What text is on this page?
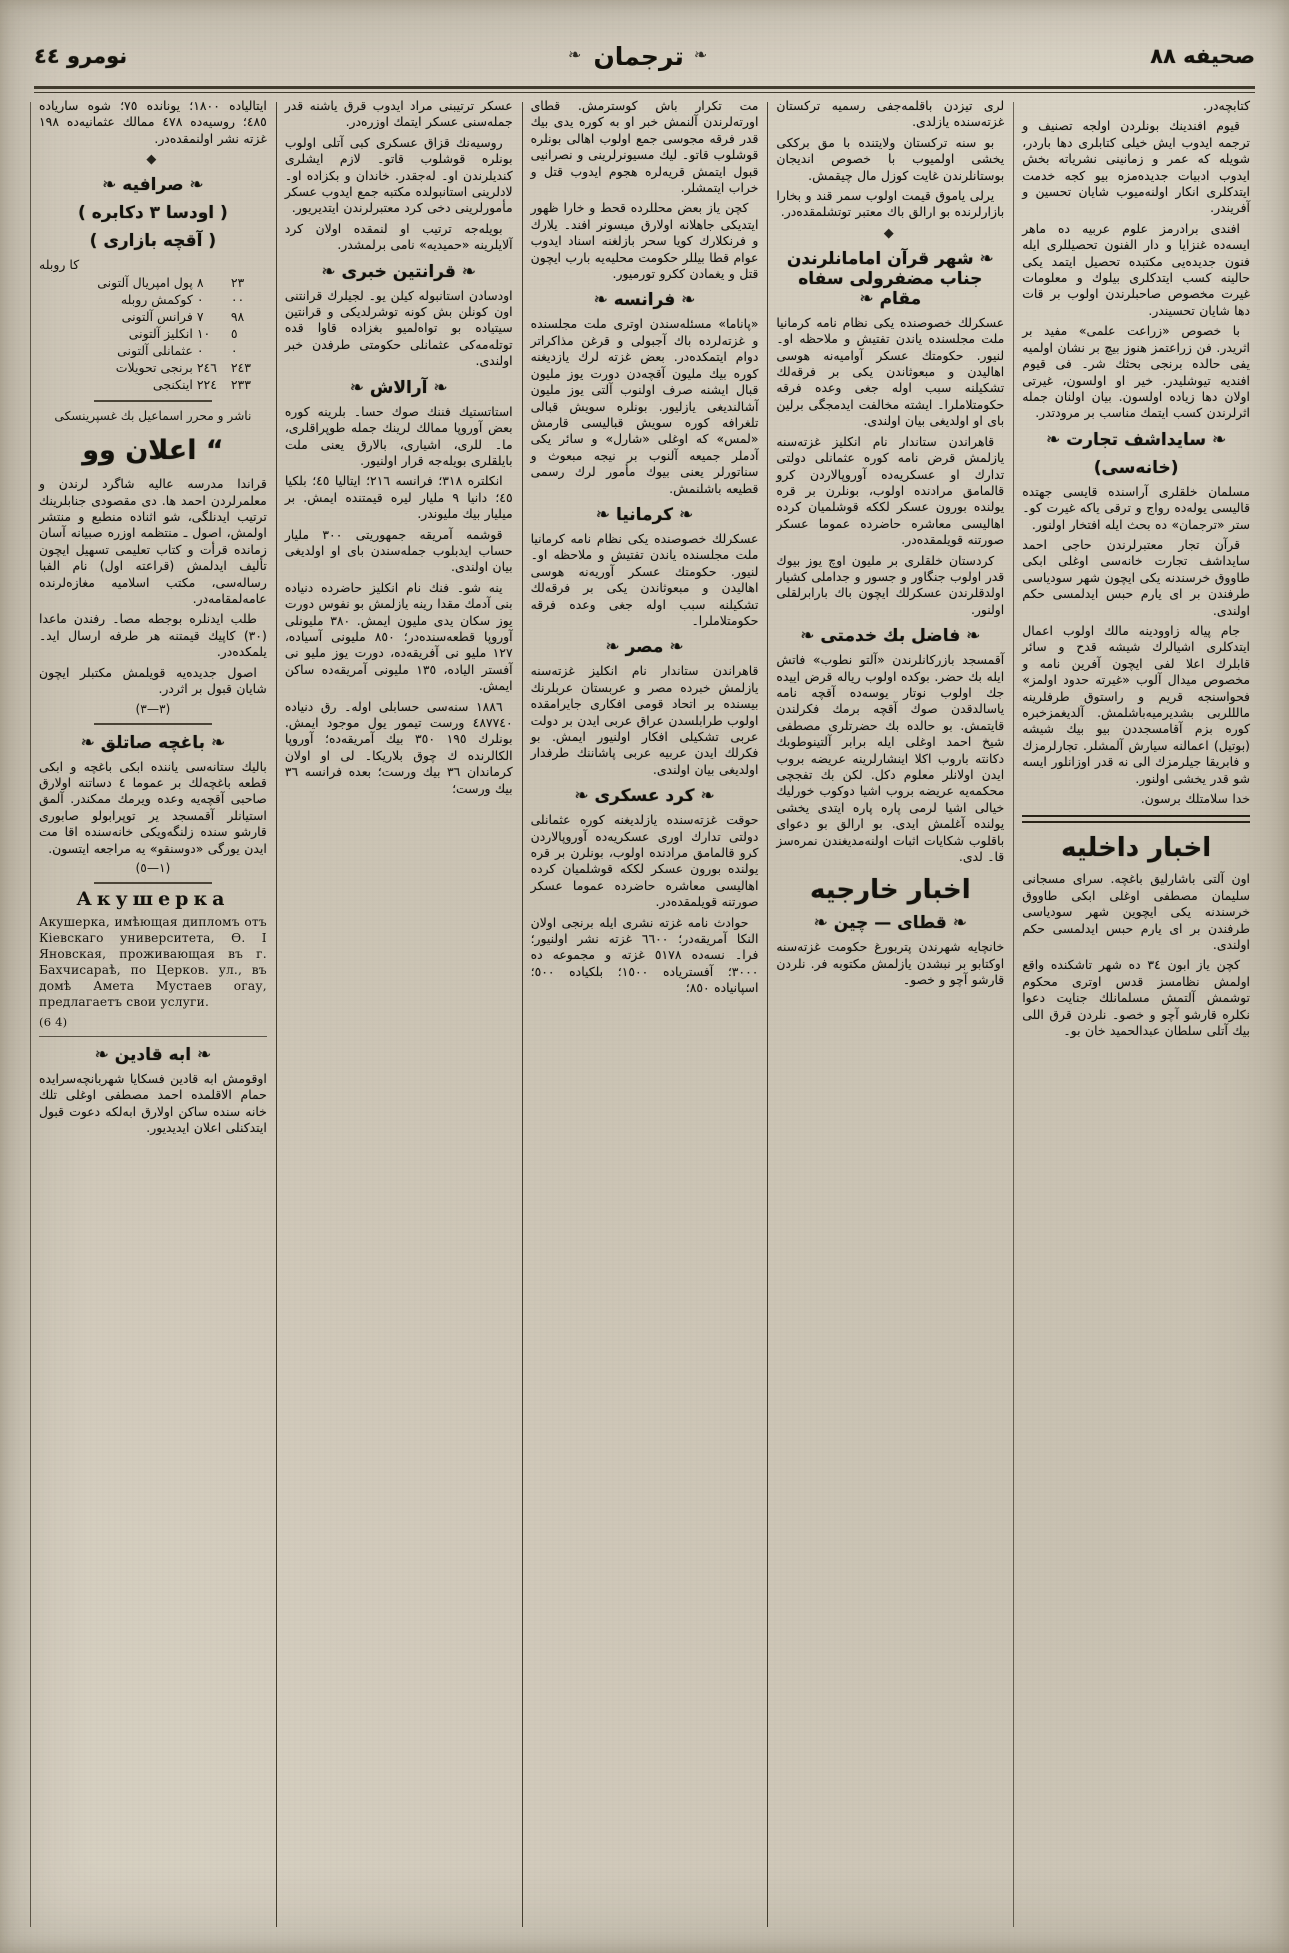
صحیفه ٨٨
❧
ترجمان
❧
نومرو ٤٤

كتابچه‌در.

قیوم افندینك بونلردن اولجه تصنیف و ترجمه ایدوب ایش خیلی كتابلری دها باردر، شویله كه عمر و زمانینی نشریاته بخش ایدوب ادبیات جدیده‌مزه بیو كجه خدمت ایتدكلری انكار اولنه‌میوب شایان تحسین و آفریندر.

افندی برادرمز علوم عربیه ده ماهر ایسه‌ده غنزایا و دار الفنون تحصیللری ایله فنون جدیده‌یی مكتبده تحصیل ایتمد یكی حالینه كسب ایتدكلری بیلوك و معلومات غیرت مخصوص صاحبلرندن اولوب بر قات دها شایان تحسیندر.

با خصوص «زراعت علمی» مفید بر اثریدر. فن زراعتمز هنوز بیچ بر نشان اولمیه یفی حالده برنجی بحثك شر۔ فی قیوم افندیه تیوشلیدر. خیر او اولسون، غیرتی اولان دها زیاده اولسون. بیان اولنان جمله اثرلرندن كسب ایتمك مناسب بر مرودتدر.

❧ سایداشف تجارت ❧
(خانه‌سی)

مسلمان خلقلری آراسنده قایسی جهتده قالیسی یوله‌ده رواج و ترقی یاكه غیرت كو۔ ستر «ترجمان» ده بحث ایله افتخار اولنور.

قرآن تجار معتبرلرندن حاجی احمد سایداشف تجارت خانه‌سی اوغلی ابكی طاووق خرسندنه یكی ایچون شهر سودیاسی طرفندن بر ای یارم حبس ایدلمسی حكم اولندی.

جام پیاله زاوودینه مالك اولوب اعمال ایتدكلری اشیالرك شیشه قدح و سائر قابلرك اعلا لفی ایچون آفرین نامه و مخصوص میدال آلوب «غیرته حدود اولمز» فحواسنجه قریم و راستوق طرفلرینه مالللربی بشدیرمیه‌باشلمش. آلدیغمزخبره كوره بزم آقامسجددن بیو بیك شیشه (بوتیل) اعمالنه سیارش آلمشلر. تجارلرمزك و فابریقا جیلرمزك الی نه قدر اوزانلور ایسه شو قدر یخشی اولنور.

خدا سلامتلك برسون.

اخبار داخلیه

اون آلتی باشارلیق باغچه. سرای مسجانی سلیمان مصطفی اوغلی ابكی طاووق خرسندنه یكی ایچوین شهر سودیاسی طرفندن بر ای یارم حبس ایدلمسی حكم اولندی.

كچن یاز ابون ٣٤ ده شهر تاشكنده واقع اولمش نظامسز قدس اوتری محكوم توشمش آلتمش مسلمانلك جنایت دعوا نكلره قارشو آچو و خصو۔ نلردن قرق اللی بیك آتلی سلطان عبدالحمید خان بو۔

لری تیزدن باقلمه‌جفی رسمیه تركستان غزته‌سنده یازلدی.

بو سنه تركستان ولایتنده با مق برككی یخشی اولمیوب با خصوص اندیجان بوستانلرندن غایت كوزل مال چیقمش.

یرلی یاموق قیمت اولوب سمر قند و بخارا بازارلرنده بو ارالق باك معتبر توتشلمقده‌در.

◆
❧ شهر قرآن امامانلرندن جناب مضفرولی سفاه مقام ❧

عسكرلك خصوصنده یكی نظام نامه كرمانیا ملت مجلسنده یاندن تفتیش و ملاحظه او۔ لنیور. حكومتك عسكر آوامیه‌نه هوسی اهالیدن و مبعوثاندن یكی بر فرقه‌لك تشكیلنه سبب اوله جغی وعده فرقه حكومتلاملرا۔ ایشته مخالفت ایدمجگی برلین بای او اولدیغی بیان اولندی.

قاهراندن ستاندار نام انكلیز غزته‌سنه یازلمش قرض نامه كوره عثمانلی دولتی تدارك او عسكریه‌ده آوروپالاردن كرو قالمامق مرادنده اولوب، بونلرن بر قره یولنده بورون عسكر لككه قوشلمیان كرده اهالیسی معاشره حاضرده عموما عسكر صورتنه قویلمقده‌در.

كردستان خلقلری بر ملیون اوچ یوز بیوك قدر اولوب جنگاور و جسور و جداملی كشیار اولدقلرندن عسكرلك ایچون باك بارابرلقلی اولنور.

❧ فاضل بك خدمتی ❧

آقمسجد بازركانلرندن «آلتو نطوب» فاتش ایله بك حضر. بوكده اولوب ریاله قرض اییده جك اولوب نوتار یوسه‌ده آقچه نامه یاسالدقدن صوك آقچه برمك فكرلندن قایتمش. بو حالده بك حضرتلری مصطفی شیخ احمد اوغلی ایله برابر آلتینوطوبك دكانته باروب اكلا اینشارلرینه عریضه بروب ایدن اولانلر معلوم دكل. لكن بك تفجچی محكمه‌یه عریضه بروب اشیا دوكوب خورلیك خیالی اشیا لرمی پاره پاره ایتدی یخشی یولنده آغلمش ایدی. بو ارالق بو دعوای باقلوب شكایات اثبات اولنه‌مدیغندن نمره‌سز قا۔ لدی.

اخبار خارجیه
❧ قطای — چین ❧

خانچایه شهرندن پتربورغ حكومت غزته‌سنه اوكتابو بر نبشدن یازلمش مكتوبه فر. نلردن قارشو آچو و خصو۔

مت تكرار باش كوسترمش. قطای اورته‌لرندن آلنمش خبر او به كوره یدی بیك قدر فرقه مجوسی جمع اولوب اهالی بونلره قوشلوب قاتو۔ لیك مسیونرلرینی و نصرانیی قبول ایتمش قریه‌لره هجوم ایدوب قتل و خراب ایتمشلر.

كچن یاز بعض محللرده قحط و خارا ظهور ایتدیكی جاهلانه اولارق میسونر افند۔ یلارك و فرنكلارك كویا سحر بازلغنه اسناد ایدوب عوام قطا بیللر حكومت محلیه‌یه بارب ایچون قتل و یغمادن ككرو تورمیور.

❧ فرانسه ❧

«پاناما» مسئله‌سندن اوتری ملت مجلسنده و غزته‌لرده باك آجبولی و قرغن مذاكراتر دوام ایتمكده‌در. بعض غزته لرك یازدیغنه كوره بیك ملیون آقچه‌دن دورت یوز ملیون قبال ایشنه صرف اولنوب آلتی یوز ملیون آشالندیغی یازلیور. بونلره سویش قبالی تلغرافه كوره سویش قبالیسی قارمش «لمس» كه اوغلی «شارل» و سائر یكی آدملر جمیعه آلنوب بر نیجه مبعوث و سناتورلر یعنی بیوك مأمور لرك رسمی قطیعه باشلنمش.

❧ كرمانیا ❧

عسكرلك خصوصنده یكی نظام نامه كرمانیا ملت مجلسنده یاندن تفتیش و ملاحظه او۔ لنیور. حكومتك عسكر آوریه‌نه هوسی اهالیدن و مبعوثاندن یكی بر فرقه‌لك تشكیلنه سبب اوله جغی وعده فرقه حكومتلاملرا۔

❧ مصر ❧

قاهراندن ستاندار نام انكلیز غزته‌سنه یازلمش خبرده مصر و عربستان عربلرنك بیسنده بر اتحاد قومی افكاری جایرامقده اولوب طرابلسدن عراق عربی ایدن بر دولت عربی تشكیلی افكار اولنیور ایمش. بو فكرلك ایدن عربیه عربی پاشاننك طرفدار اولدیغی بیان اولندی.

❧ كرد عسكری ❧

حوقت غزته‌سنده یازلدیغنه كوره عثمانلی دولتی تدارك اوری عسكریه‌ده آوروپالاردن كرو قالمامق مرادنده اولوب، بونلرن بر قره یولنده بورون عسكر لككه قوشلمیان كرده اهالیسی معاشره حاضرده عموما عسكر صورتنه قویلمقده‌در.

حوادث نامه غزته نشری ایله برنجی اولان النكا آمریقه‌در؛ ٦٦٠٠ غزته نشر اولنیور؛ فرا۔ نسه‌ده ٥١٧٨ غزته و مجموعه ده ٣٠٠٠؛ آفستریاده ١٥٠٠؛ بلكیاده ٥٠٠؛ اسپانیاده ٨٥٠؛

عسكر ترتیبنی مراد ایدوب قرق یاشنه قدر جمله‌سنی عسكر ایتمك اوزره‌در.

روسیه‌نك قزاق عسكری كبی آتلی اولوب بونلره قوشلوب قاتو۔ لازم ایشلری كندیلرندن او۔ له‌جقدر. خاندان و بكزاده او۔ لادلرینی استانبولده مكتبه جمع ایدوب عسكر مأمورلرینی دخی كرد معتبرلرندن ایتدیریور.

بویله‌جه ترتیب او لنمقده اولان كرد آلایلرینه «حمیدیه» نامی برلمشدر.

❧ قرانتین خبری ❧

اودسادن استانبوله كیلن یو۔ لجیلرك قرانتنی اون كونلن بش كونه توشرلدیكی و قرانتین سیتیاده بو تواه‌لمیو بغزاده قاوا قده توتله‌مه‌كی عثمانلی حكومتی طرفدن خبر اولندی.

❧ آرالاش ❧

استاتستیك فننك صوك حسا۔ بلرینه كوره بعض آوروپا ممالك لرینك جمله طوپراقلری، ما۔ للری، اشیاری، بالارق یعنی ملت بایلقلری بویله‌جه قرار اولنیور.

انكلتره ٣١٨؛ فرانسه ٢١٦؛ ایتالیا ٤٥؛ بلكیا ٤٥؛ دانیا ٩ ملیار لیره قیمتنده ایمش. بر میلیار بیك ملیوندر.

قوشمه آمریقه جمهوریتی ٣٠٠ ملیار حساب ایدبلوب جمله‌سندن بای او اولدیغی بیان اولندی.

ینه شو۔ فنك نام انكلیز حاضرده دنیاده بنی آدمك مقدا رینه یازلمش بو نفوس دورت یوز سكان یدی ملیون ایمش. ٣٨٠ ملیونلی آوروپا قطعه‌سنده‌در؛ ٨٥٠ ملیونی آسیاده، ١٢٧ ملیو نی آفریقه‌ده، دورت یوز ملیو نی آفستر الیاده، ١٣٥ ملیونی آمریقه‌ده ساكن ایمش.

١٨٨٦ سنه‌سی حسابلی اوله۔ رق دنیاده ٤٨٧٧٤٠ ورست تیمور یول موجود ایمش. بونلرك ١٩٥ ٣٥٠ بیك آمریقه‌ده؛ آوروپا الكالرنده ك چوق بلاریكا۔ لی او اولان كرماندان ٣٦ بیك ورست؛ بعده فرانسه ٣٦ بیك ورست؛

ایتالیاده ١٨٠٠؛ یونانده ٧٥؛ شوه ساریاده ٤٨٥؛ روسیه‌ده ٤٧٨ ممالك عثمانیه‌ده ١٩٨ غزته نشر اولنمقده‌در.

◆
❧ صرافیه ❧
( اودسا ٣ دكابره )
( آقچه بازاری )
كا روبله
٢٣	٨	پول امپریال آلتونی
٠٠	٠	كوكمش روبله
٩٨	٧	فرانس آلتونی
٥	١٠	انكلیز آلتونی
٠	٠	عثمانلی آلتونی
٢٤٣	٢٤٦	برنجی تحویلات
٢٣٣	٢٢٤	اینكنجی
ناشر و محرر اسماعیل بك غسپرینسكی
“ اعلان وو

قراندا مدرسه عالیه شاگرد لرندن و معلمرلردن احمد ها. دی مقصودی جنابلرینك ترتیب ایدنلگی، شو اثناده منطبع و منتشر اولمش، اصول ـ منتظمه اوزره صبیانه آسان زمانده قرأت و كتاب تعلیمی تسهیل ایچون تألیف ایدلمش (قراعته اول) نام الفبا رساله‌سی، مكتب اسلامیه مغازه‌لرنده عامه‌لمقامه‌در.

طلب ایدنلره بوجطه مصا۔ رفندن ماعدا (٣٠) كاپیك قیمتنه هر طرفه ارسال اید۔ یلمكده‌در.

اصول جدیده‌یه قویلمش مكتبلر ایچون شایان قبول بر اثردر.

(٣—٣)
❧ باغچه صاتلق ❧

بالیك ستانه‌سی یاننده ابكی باغچه و ابكی قطعه باغچه‌لك بر عموما ٤ دساتنه اولارق صاحبی آقچه‌یه وعده ویرمك ممكندر. آلمق استیانلر آقمسجد یر توپرابولو صابوری قارشو سنده زلنگه‌ویكی خانه‌سنده اقا مت ایدن یورگی «دوسنقو» یه مراجعه ایتسون.

(١—٥)
Акушерка
Акушерка, имѣющая дипломъ отъ Кіевскаго университета, Ө. І Яновская, проживающая въ г. Бахчисараѣ, по Церков. ул., въ домѣ Амета Мустаев огау, предлагаетъ свои услуги.
(6 4)
❧ ابه قادین ❧

اوقومش ابه قادین فسكایا شهربانچه‌سرایده حمام الاقلمده احمد مصطفی اوغلی تلك خانه سنده ساكن اولارق ابه‌لكه دعوت قبول ایتدكنلی اعلان ایدیدیور.
